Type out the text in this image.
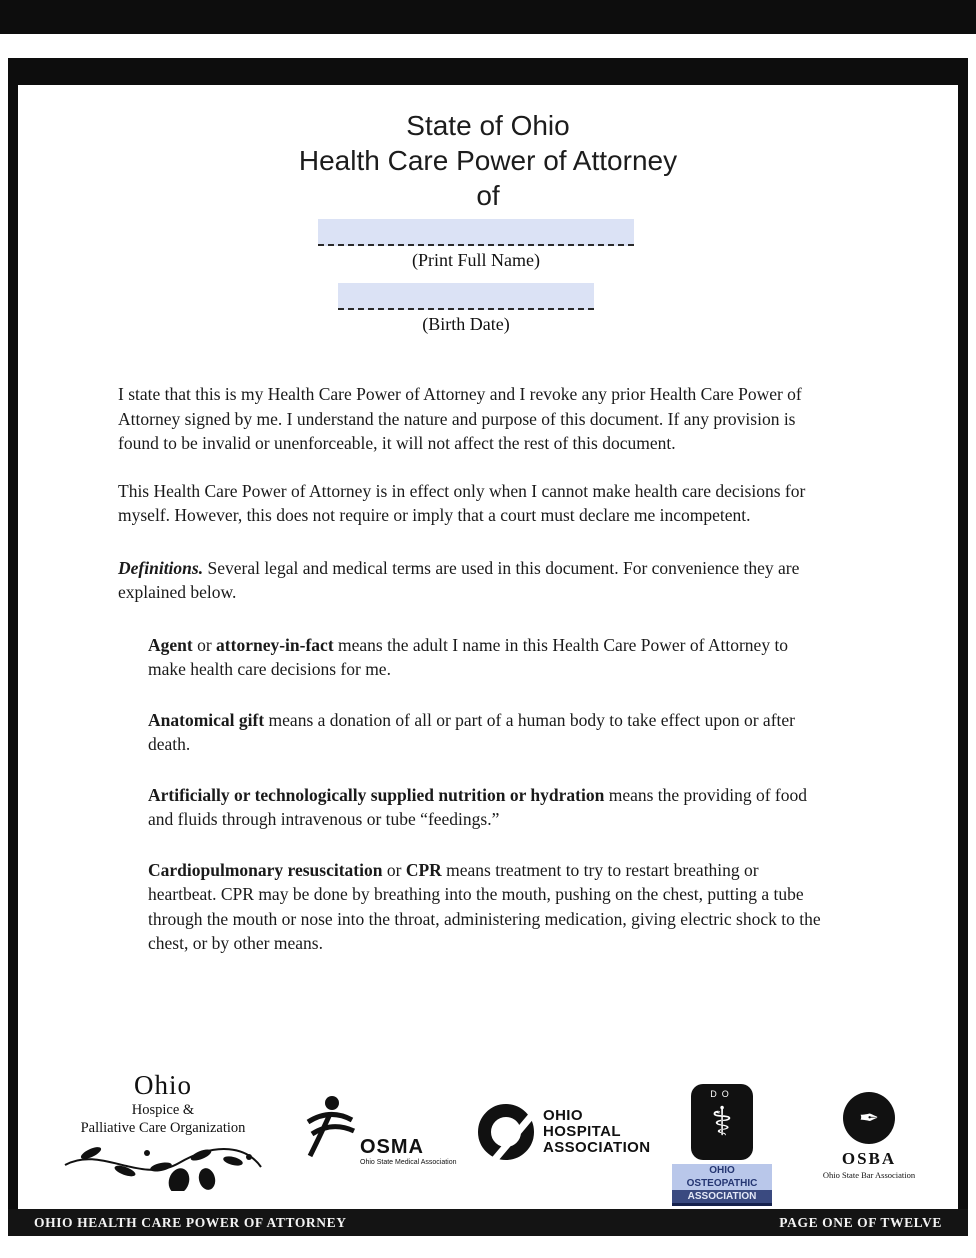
State of Ohio
Health Care Power of Attorney
of
(Print Full Name)
(Birth Date)

I state that this is my Health Care Power of Attorney and I revoke any prior Health Care Power of Attorney signed by me. I understand the nature and purpose of this document. If any provision is found to be invalid or unenforceable, it will not affect the rest of this document.

This Health Care Power of Attorney is in effect only when I cannot make health care decisions for myself. However, this does not require or imply that a court must declare me incompetent.

Definitions. Several legal and medical terms are used in this document. For convenience they are explained below.

Agent or attorney-in-fact means the adult I name in this Health Care Power of Attorney to make health care decisions for me.

Anatomical gift means a donation of all or part of a human body to take effect upon or after death.

Artificially or technologically supplied nutrition or hydration means the providing of food and fluids through intravenous or tube “feedings.”

Cardiopulmonary resuscitation or CPR means treatment to try to restart breathing or heartbeat. CPR may be done by breathing into the mouth, pushing on the chest, putting a tube through the mouth or nose into the throat, administering medication, giving electric shock to the chest, or by other means.

Ohio
Hospice &
Palliative Care Organization
OSMA
Ohio State Medical Association
OHIO
HOSPITAL
ASSOCIATION
DO
⚕
OHIO
OSTEOPATHIC
ASSOCIATION
✒
OSBA
Ohio State Bar Association
OHIO HEALTH CARE POWER OF ATTORNEY	PAGE ONE OF TWELVE
